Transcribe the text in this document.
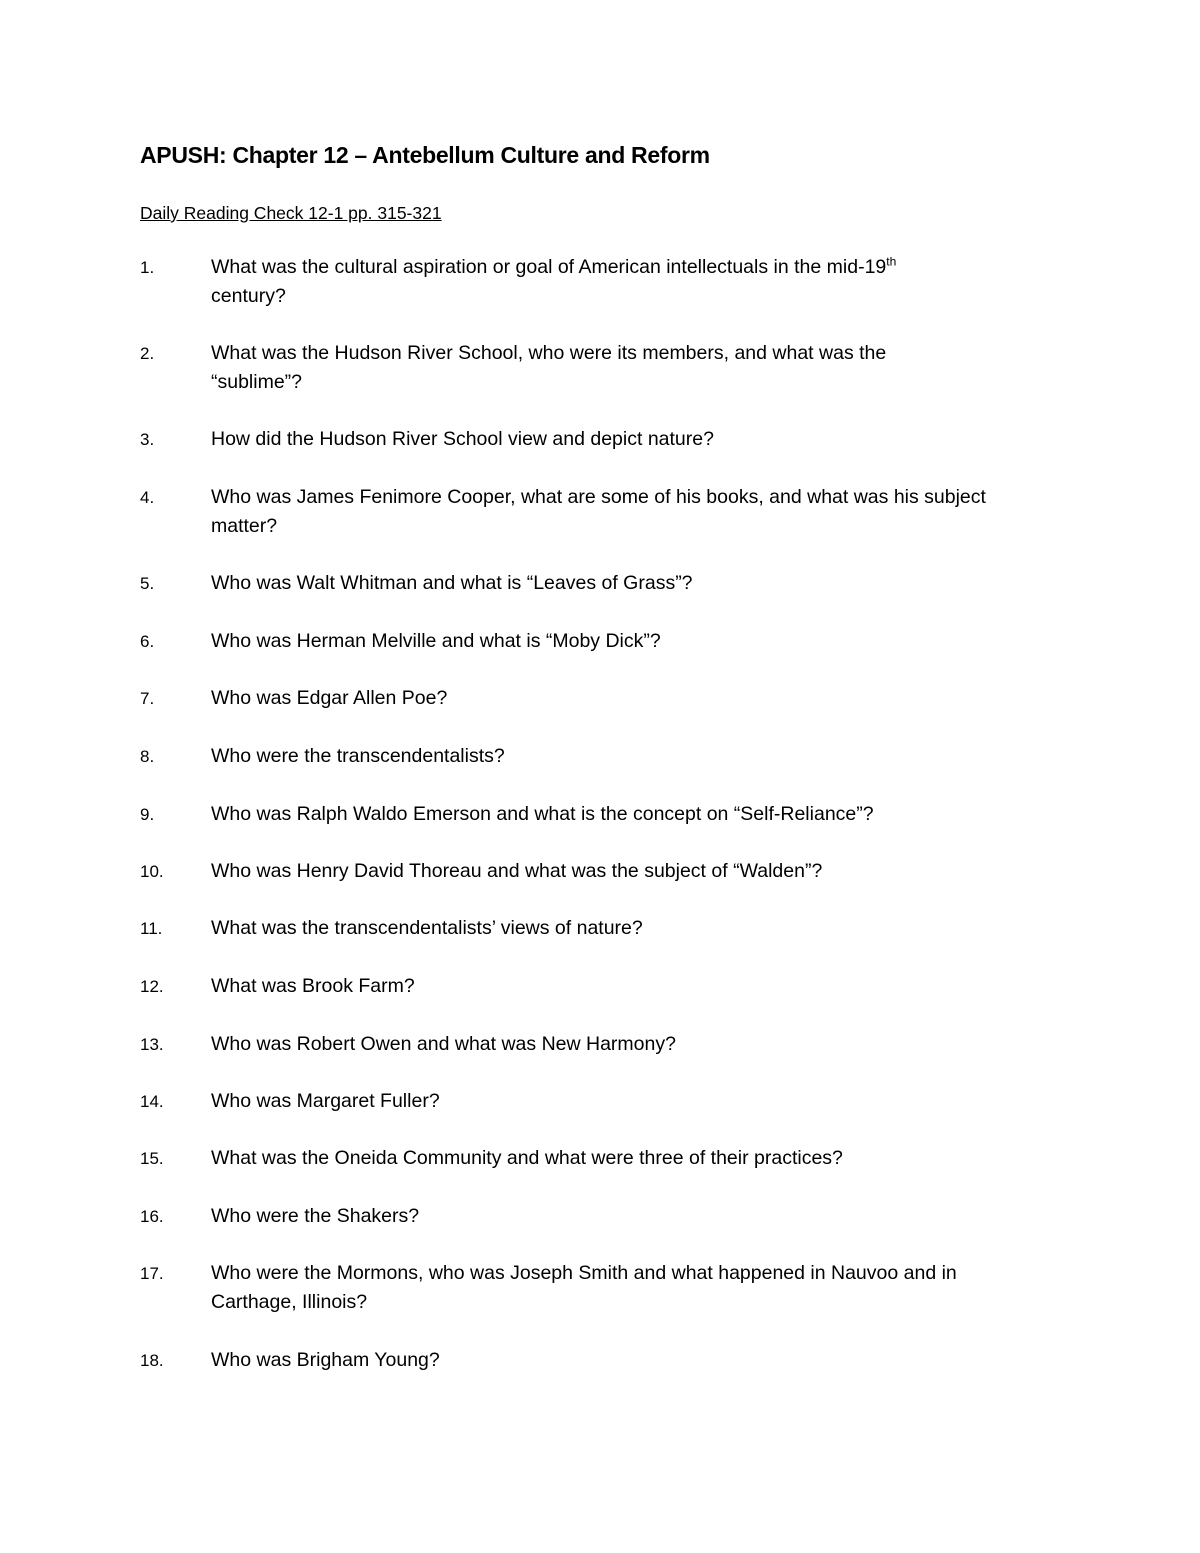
APUSH: Chapter 12 – Antebellum Culture and Reform
Daily Reading Check 12-1 pp. 315-321
1.	What was the cultural aspiration or goal of American intellectuals in the mid-19th
century?
2.	What was the Hudson River School, who were its members, and what was the
“sublime”?
3.	How did the Hudson River School view and depict nature?
4.	Who was James Fenimore Cooper, what are some of his books, and what was his subject
matter?
5.	Who was Walt Whitman and what is “Leaves of Grass”?
6.	Who was Herman Melville and what is “Moby Dick”?
7.	Who was Edgar Allen Poe?
8.	Who were the transcendentalists?
9.	Who was Ralph Waldo Emerson and what is the concept on “Self-Reliance”?
10.	Who was Henry David Thoreau and what was the subject of “Walden”?
11.	What was the transcendentalists’ views of nature?
12.	What was Brook Farm?
13.	Who was Robert Owen and what was New Harmony?
14.	Who was Margaret Fuller?
15.	What was the Oneida Community and what were three of their practices?
16.	Who were the Shakers?
17.	Who were the Mormons, who was Joseph Smith and what happened in Nauvoo and in
Carthage, Illinois?
18.	Who was Brigham Young?
